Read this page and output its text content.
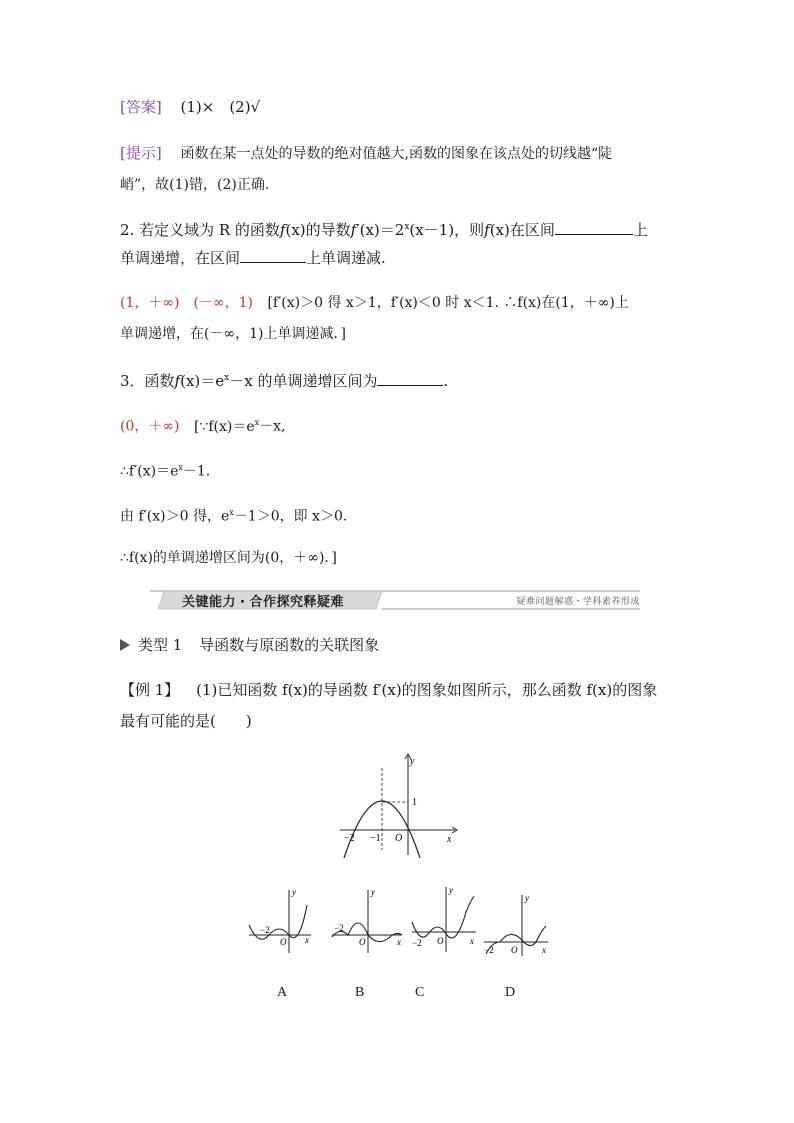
[答案] (1)×　(2)√
[提示] 函数在某一点处的导数的绝对值越大,函数的图象在该点处的切线越“陡
峭”，故(1)错，(2)正确.
2. 若定义域为 R 的函数f(x)的导数$f'(x)=2^x(x-1)$，则f(x)在区间	上
单调递增，在区间	上单调递减.
(1，＋∞)　(－∞，1) [f′(x)＞0 得 x＞1，f′(x)＜0 时 x＜1. ∴f(x)在(1，＋∞)上
单调递增，在(－∞，1)上单调递减．]
3．函数$f(x)=e^x-x$ 的单调递增区间为	.
(0，＋∞) [$\because f(x)=e^x-x$,
$\therefore f'(x)=e^x-1$.
由 f′(x)＞0 得，$e^x-1>0$，即 x＞0.
∴f(x)的单调递增区间为(0，＋∞)．]
关键能力・合作探究释疑难	疑难问题解惑・学科素养形成
类型 1 导函数与原函数的关联图象
【例 1】 (1)已知函数 f(x)的导函数 f′(x)的图象如图所示，那么函数 f(x)的图象
最有可能的是(　　)
y
x
1
−2 −1 O
−2
O x
y
−2
O	x
y
−2 O	x
y
−2 O	x
y
A	B	C	D
